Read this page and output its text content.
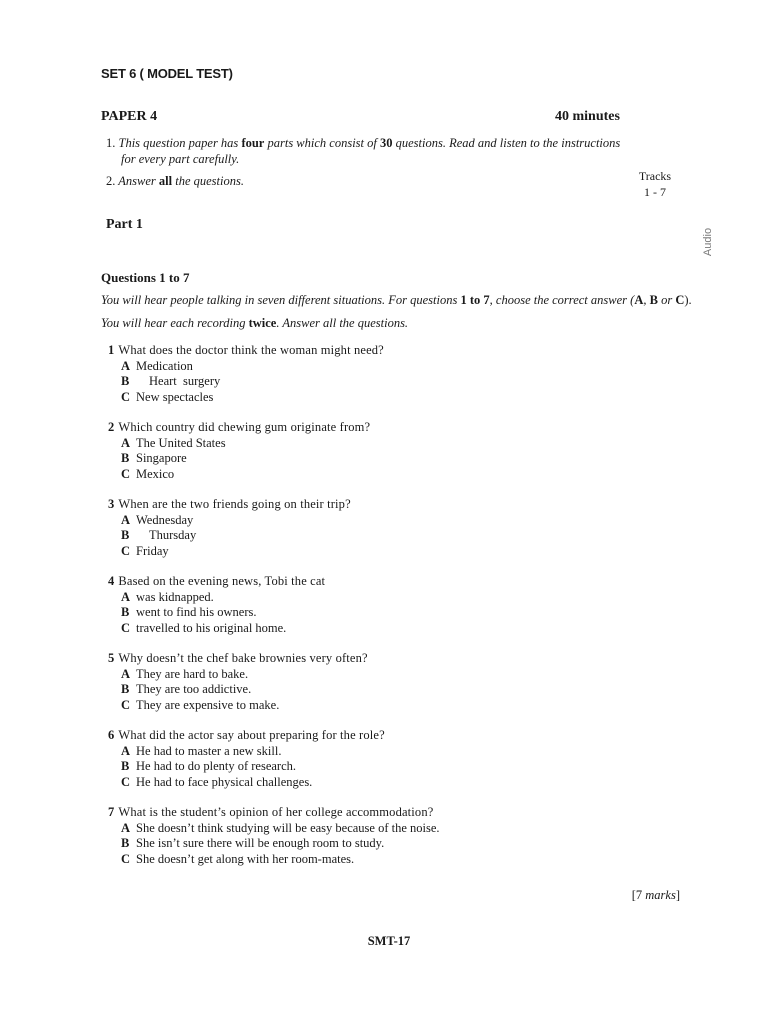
SET 6 ( MODEL TEST)
PAPER 4	40 minutes
1. This question paper has four parts which consist of 30 questions. Read and listen to the instructions
for every part carefully.
2. Answer all the questions.	Tracks
1 - 7
Audio
Part 1
Questions 1 to 7
You will hear people talking in seven different situations. For questions 1 to 7, choose the correct answer (A, B or C).
You will hear each recording twice. Answer all the questions.
1 What does the doctor think the woman might need?
A Medication
B Heart  surgery
C New spectacles
2 Which country did chewing gum originate from?
A The United States
B Singapore
C Mexico
3 When are the two friends going on their trip?
A Wednesday
B Thursday
C Friday
4 Based on the evening news, Tobi the cat
A was kidnapped.
B went to find his owners.
C travelled to his original home.
5 Why doesn’t the chef bake brownies very often?
A They are hard to bake.
B They are too addictive.
C They are expensive to make.
6 What did the actor say about preparing for the role?
A He had to master a new skill.
B He had to do plenty of research.
C He had to face physical challenges.
7 What is the student’s opinion of her college accommodation?
A She doesn’t think studying will be easy because of the noise.
B She isn’t sure there will be enough room to study.
C She doesn’t get along with her room-mates.
[7 marks]
SMT-17
